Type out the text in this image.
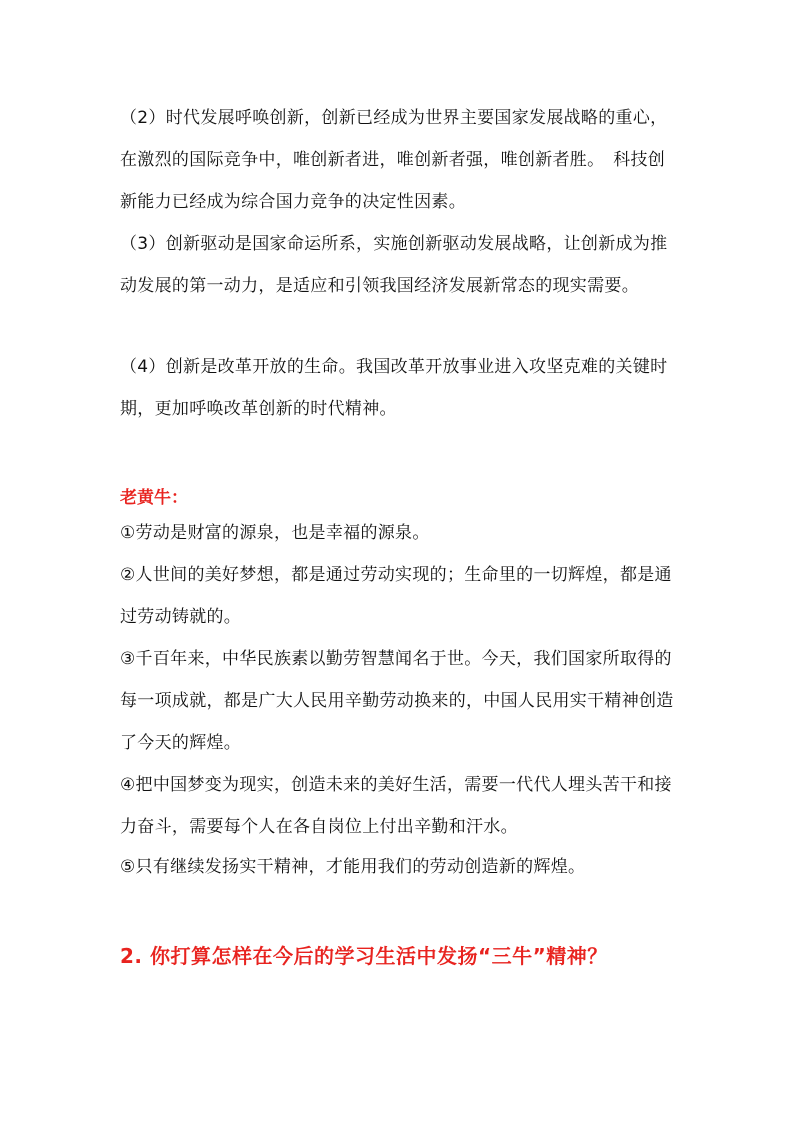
（2）时代发展呼唤创新，创新已经成为世界主要国家发展战略的重心，在激烈的国际竞争中，唯创新者进，唯创新者强，唯创新者胜。　科技创新能力已经成为综合国力竞争的决定性因素。
（3）创新驱动是国家命运所系，实施创新驱动发展战略，让创新成为推动发展的第一动力，是适应和引领我国经济发展新常态的现实需要。
（4）创新是改革开放的生命。我国改革开放事业进入攻坚克难的关键时期，更加呼唤改革创新的时代精神。
老黄牛：
①劳动是财富的源泉，也是幸福的源泉。
②人世间的美好梦想，都是通过劳动实现的；生命里的一切辉煌，都是通过劳动铸就的。
③千百年来，中华民族素以勤劳智慧闻名于世。今天，我们国家所取得的每一项成就，都是广大人民用辛勤劳动换来的，中国人民用实干精神创造了今天的辉煌。
④把中国梦变为现实，创造未来的美好生活，需要一代代人埋头苦干和接力奋斗，需要每个人在各自岗位上付出辛勤和汗水。
⑤只有继续发扬实干精神，才能用我们的劳动创造新的辉煌。
2. 你打算怎样在今后的学习生活中发扬“三牛”精神？
